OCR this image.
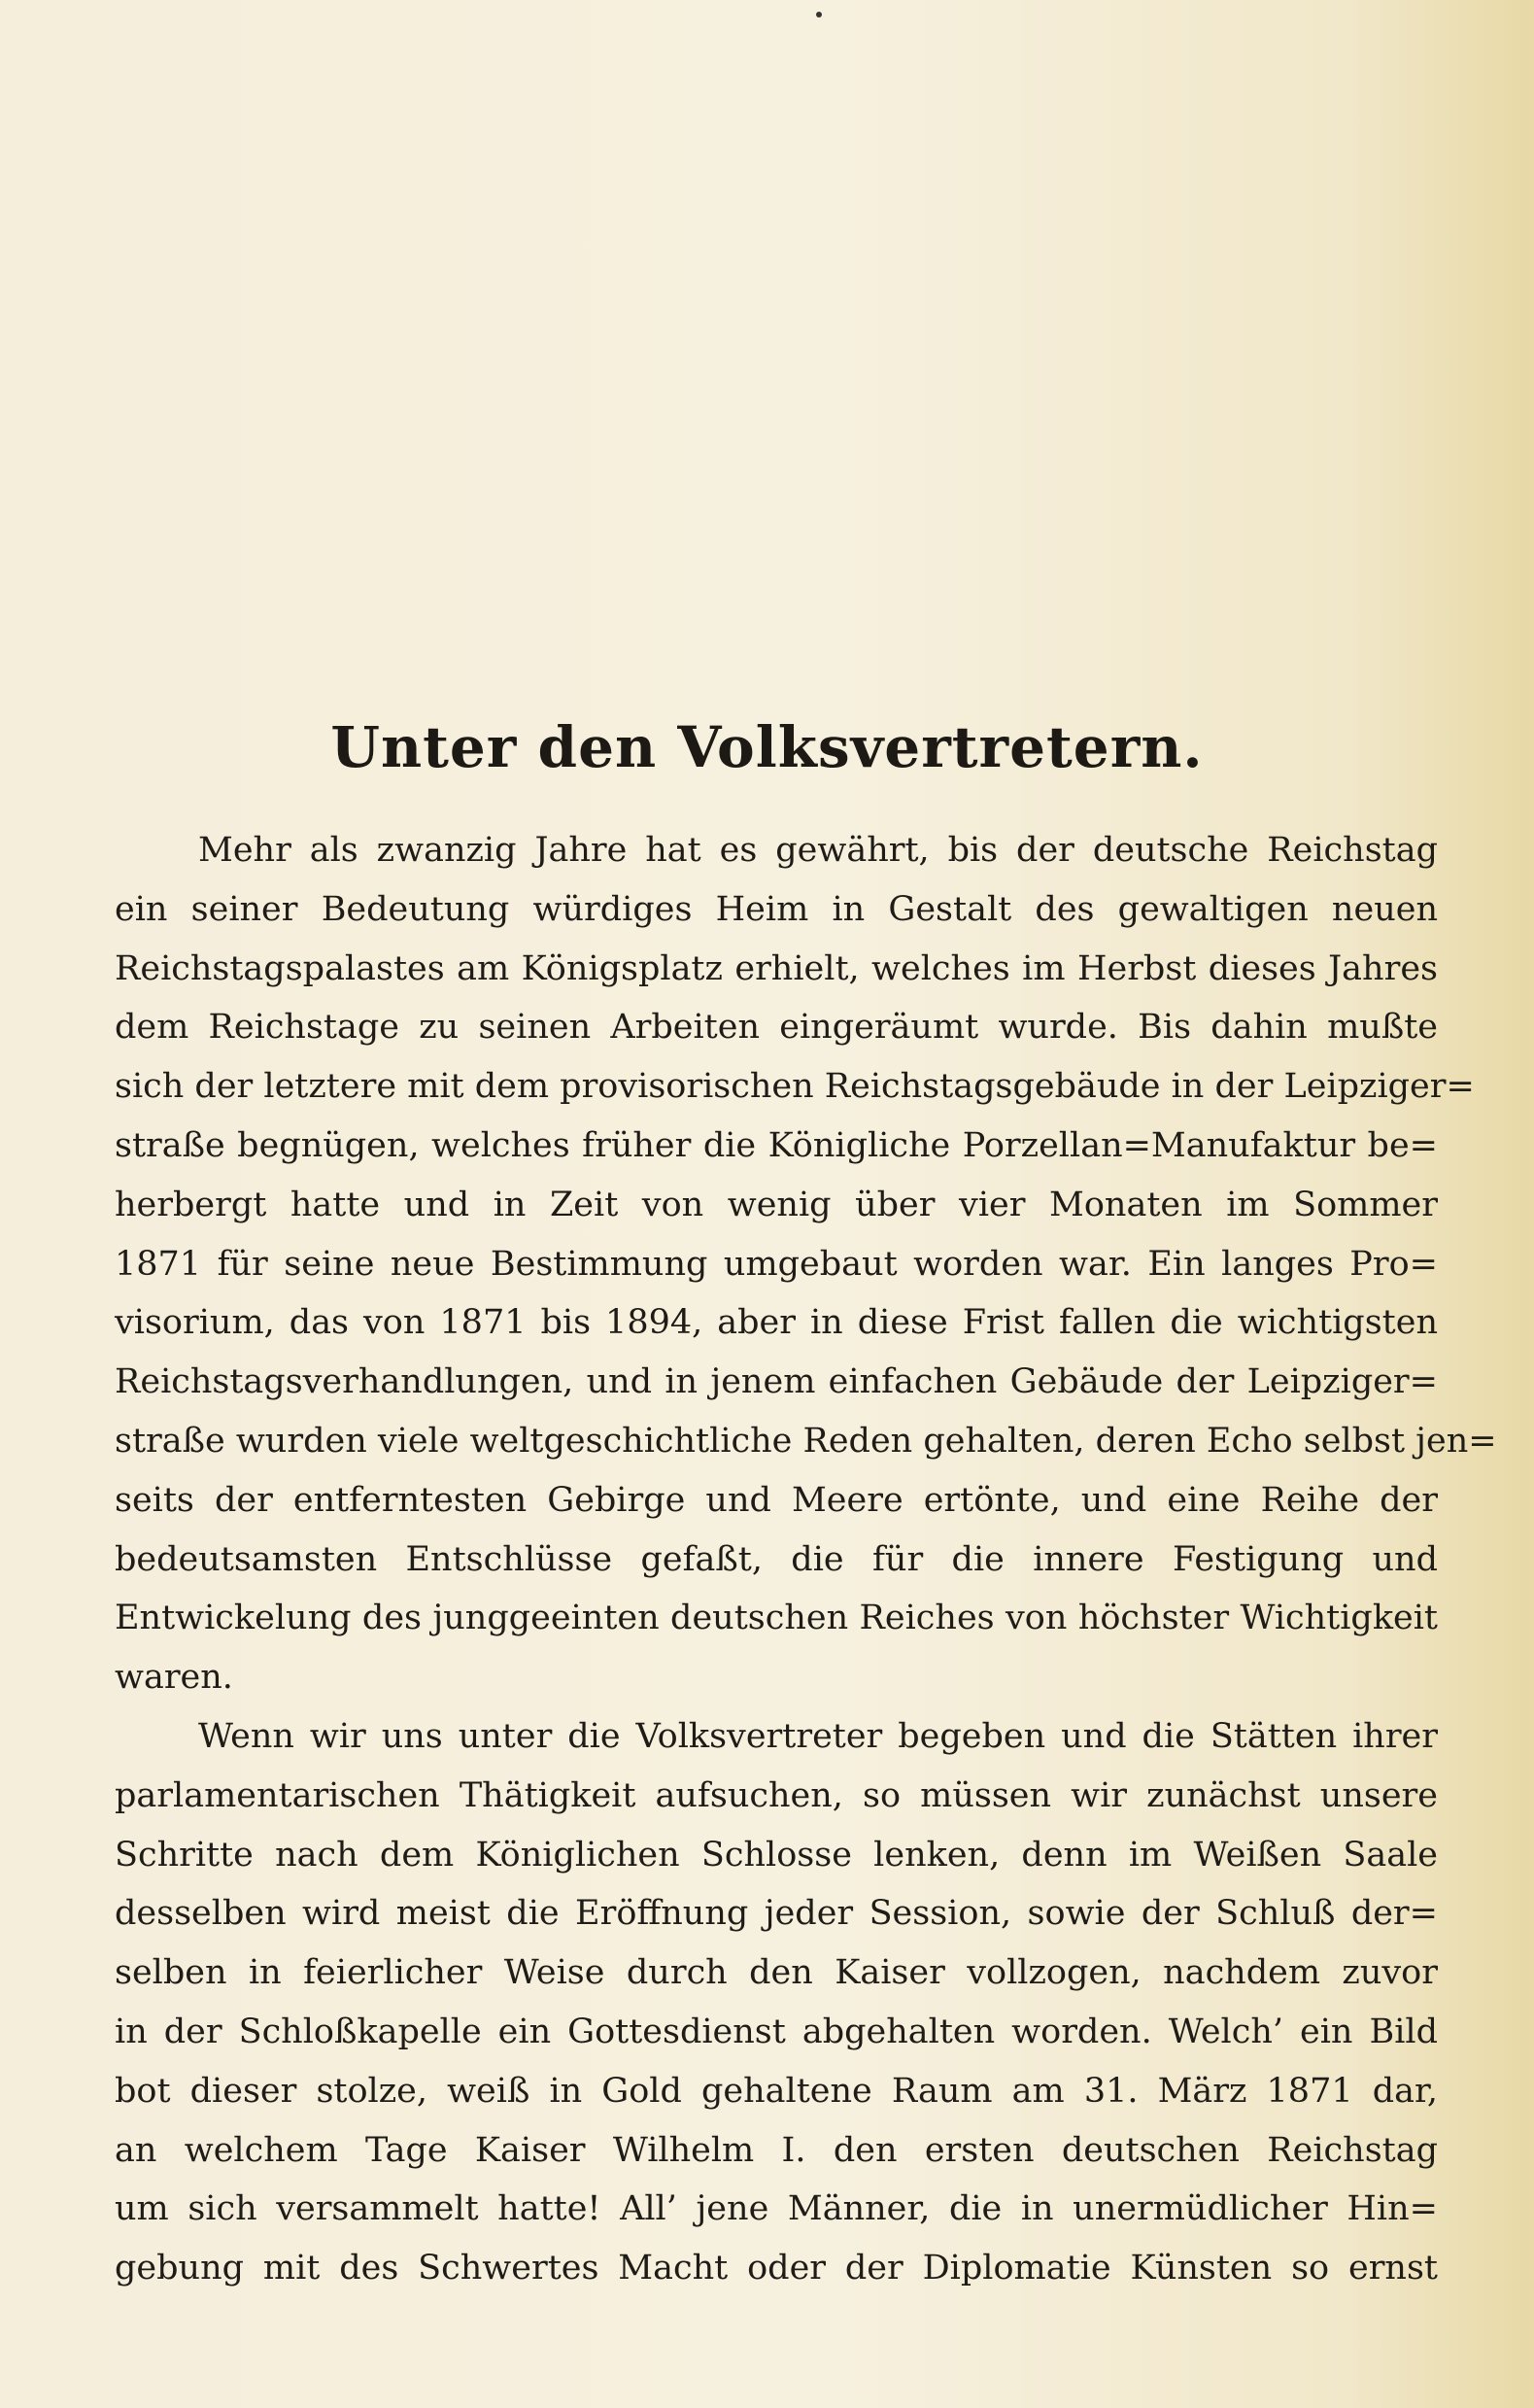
Unter den Volksvertretern.
Mehr als zwanzig Jahre hat es gewährt, bis der deutsche Reichstag
ein seiner Bedeutung würdiges Heim in Gestalt des gewaltigen neuen
Reichstagspalastes am Königsplatz erhielt, welches im Herbst dieses Jahres
dem Reichstage zu seinen Arbeiten eingeräumt wurde. Bis dahin mußte
sich der letztere mit dem provisorischen Reichstagsgebäude in der Leipziger=
straße begnügen, welches früher die Königliche Porzellan=Manufaktur be=
herbergt hatte und in Zeit von wenig über vier Monaten im Sommer
1871 für seine neue Bestimmung umgebaut worden war. Ein langes Pro=
visorium, das von 1871 bis 1894, aber in diese Frist fallen die wichtigsten
Reichstagsverhandlungen, und in jenem einfachen Gebäude der Leipziger=
straße wurden viele weltgeschichtliche Reden gehalten, deren Echo selbst jen=
seits der entferntesten Gebirge und Meere ertönte, und eine Reihe der
bedeutsamsten Entschlüsse gefaßt, die für die innere Festigung und
Entwickelung des junggeeinten deutschen Reiches von höchster Wichtigkeit
waren.
Wenn wir uns unter die Volksvertreter begeben und die Stätten ihrer
parlamentarischen Thätigkeit aufsuchen, so müssen wir zunächst unsere
Schritte nach dem Königlichen Schlosse lenken, denn im Weißen Saale
desselben wird meist die Eröffnung jeder Session, sowie der Schluß der=
selben in feierlicher Weise durch den Kaiser vollzogen, nachdem zuvor
in der Schloßkapelle ein Gottesdienst abgehalten worden. Welch’ ein Bild
bot dieser stolze, weiß in Gold gehaltene Raum am 31. März 1871 dar,
an welchem Tage Kaiser Wilhelm I. den ersten deutschen Reichstag
um sich versammelt hatte! All’ jene Männer, die in unermüdlicher Hin=
gebung mit des Schwertes Macht oder der Diplomatie Künsten so ernst
